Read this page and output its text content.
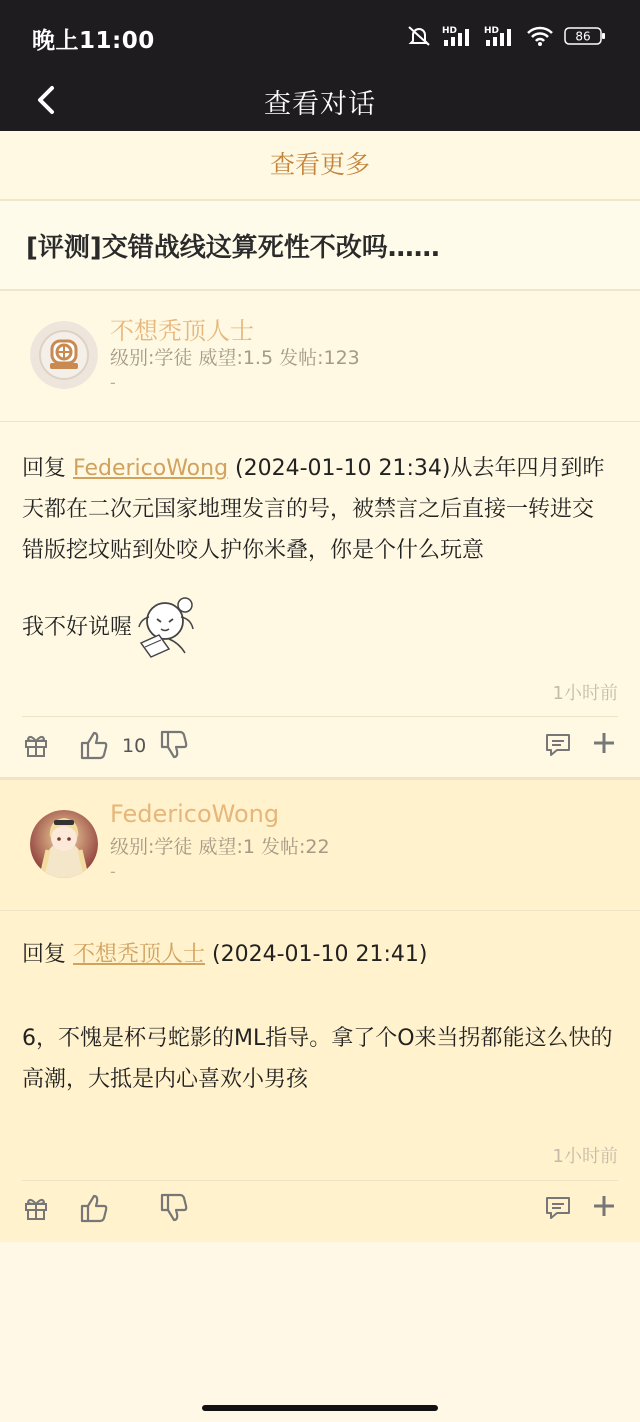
晚上11:00	HD	HD	86
查看对话
查看更多
[评测]交错战线这算死性不改吗……
不想秃顶人士
级别:学徒 威望:1.5 发帖:123
-
回复 FedericoWong (2024-01-10 21:34)从去年四月到昨天都在二次元国家地理发言的号，被禁言之后直接一转进交错版挖坟贴到处咬人护你米叠，你是个什么玩意
我不好说喔
1小时前
10
FedericoWong
级别:学徒 威望:1 发帖:22
-
回复 不想秃顶人士 (2024-01-10 21:41)
6，不愧是杯弓蛇影的ML指导。拿了个O来当拐都能这么快的高潮，大抵是内心喜欢小男孩
1小时前
